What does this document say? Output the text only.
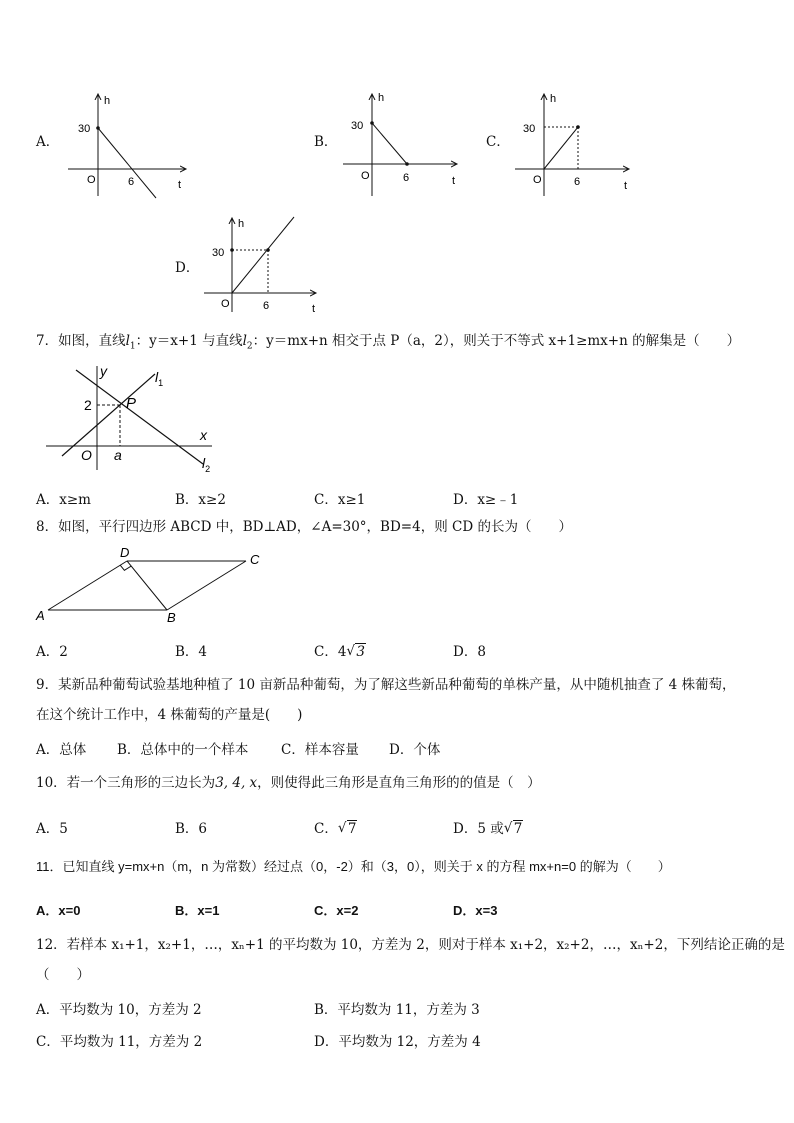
A．	B．	C．
D．
h
30
O	6	t
h
30
O	6	t
h
30
O	6	t
h
30
O	6	t
7．如图，直线$l_1$：y＝x+1 与直线$l_2$：y＝mx+n 相交于点 P（a，2），则关于不等式 x+1≥mx+n 的解集是（　　）
y
x
$l_1$
$l_2$
P
2
O a
A．x≥m	B．x≥2	C．x≥1	D．x≥﹣1
8．如图，平行四边形 ABCD 中，BD⊥AD，∠A=30°，BD=4，则 CD 的长为（　　）
A	B
C
D
A．2	B．4	C．4 √ 3	D．8
9．某新品种葡萄试验基地种植了 10 亩新品种葡萄，为了解这些新品种葡萄的单株产量，从中随机抽查了 4 株葡萄，
在这个统计工作中，4 株葡萄的产量是(　　)
A．总体 B．总体中的一个样本 C．样本容量 D．个体
10．若一个三角形的三边长为3, 4, x，则使得此三角形是直角三角形的的值是（　）
A．5	B．6	C． √ 7	D．5 或 √ 7
11．已知直线 y=mx+n（m，n 为常数）经过点（0，-2）和（3，0），则关于 x 的方程 mx+n=0 的解为（　　）
A．x=0	B．x=1	C．x=2	D．x=3
12．若样本 x₁+1，x₂+1，…，xₙ+1 的平均数为 10，方差为 2，则对于样本 x₁+2，x₂+2，…，xₙ+2，下列结论正确的是
（　　）
A．平均数为 10，方差为 2	B．平均数为 11，方差为 3
C．平均数为 11，方差为 2	D．平均数为 12，方差为 4
